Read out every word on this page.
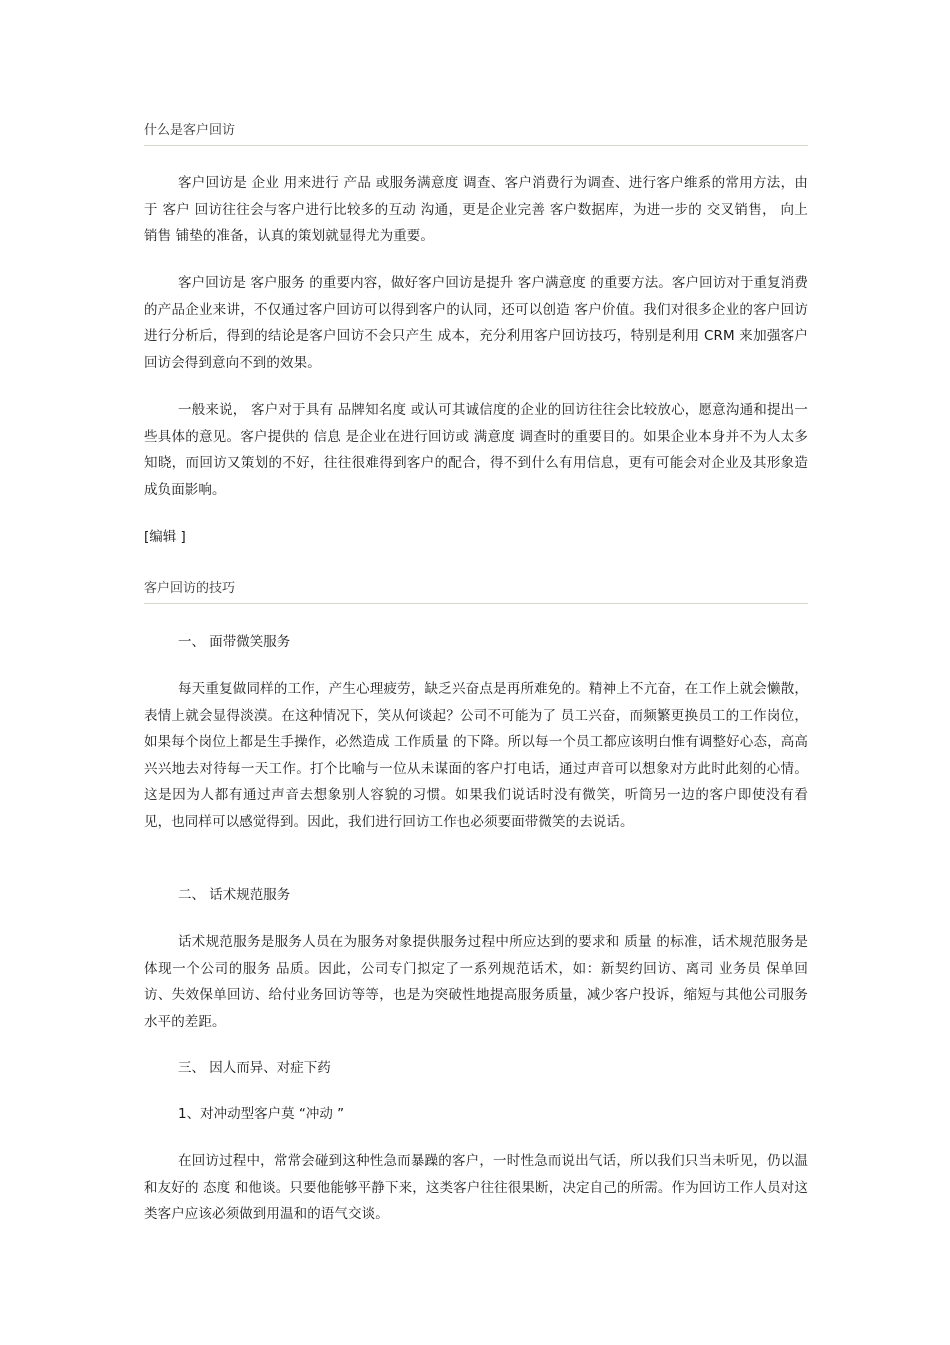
什么是客户回访

客户回访是 企业 用来进行 产品 或服务满意度 调查、客户消费行为调查、进行客户维系的常用方法，由于 客户 回访往往会与客户进行比较多的互动 沟通，更是企业完善 客户数据库，为进一步的 交叉销售， 向上销售 铺垫的准备，认真的策划就显得尤为重要。

客户回访是 客户服务 的重要内容，做好客户回访是提升 客户满意度 的重要方法。客户回访对于重复消费的产品企业来讲，不仅通过客户回访可以得到客户的认同，还可以创造 客户价值。我们对很多企业的客户回访进行分析后，得到的结论是客户回访不会只产生 成本，充分利用客户回访技巧，特别是利用 CRM 来加强客户回访会得到意向不到的效果。

一般来说， 客户对于具有 品牌知名度 或认可其诚信度的企业的回访往往会比较放心，愿意沟通和提出一些具体的意见。客户提供的 信息 是企业在进行回访或 满意度 调查时的重要目的。如果企业本身并不为人太多知晓，而回访又策划的不好，往往很难得到客户的配合，得不到什么有用信息，更有可能会对企业及其形象造成负面影响。

[编辑 ]
客户回访的技巧
一、 面带微笑服务

每天重复做同样的工作，产生心理疲劳，缺乏兴奋点是再所难免的。精神上不亢奋，在工作上就会懒散，表情上就会显得淡漠。在这种情况下，笑从何谈起？公司不可能为了 员工兴奋，而频繁更换员工的工作岗位，如果每个岗位上都是生手操作，必然造成 工作质量 的下降。所以每一个员工都应该明白惟有调整好心态，高高兴兴地去对待每一天工作。打个比喻与一位从未谋面的客户打电话，通过声音可以想象对方此时此刻的心情。这是因为人都有通过声音去想象别人容貌的习惯。如果我们说话时没有微笑，听筒另一边的客户即使没有看见，也同样可以感觉得到。因此，我们进行回访工作也必须要面带微笑的去说话。

二、 话术规范服务

话术规范服务是服务人员在为服务对象提供服务过程中所应达到的要求和 质量 的标准，话术规范服务是体现一个公司的服务 品质。因此，公司专门拟定了一系列规范话术，如：新契约回访、离司 业务员 保单回访、失效保单回访、给付业务回访等等，也是为突破性地提高服务质量，减少客户投诉，缩短与其他公司服务水平的差距。

三、 因人而异、对症下药
1、对冲动型客户莫 “冲动 ”

在回访过程中，常常会碰到这种性急而暴躁的客户，一时性急而说出气话，所以我们只当未听见，仍以温和友好的 态度 和他谈。只要他能够平静下来，这类客户往往很果断，决定自己的所需。作为回访工作人员对这类客户应该必须做到用温和的语气交谈。
